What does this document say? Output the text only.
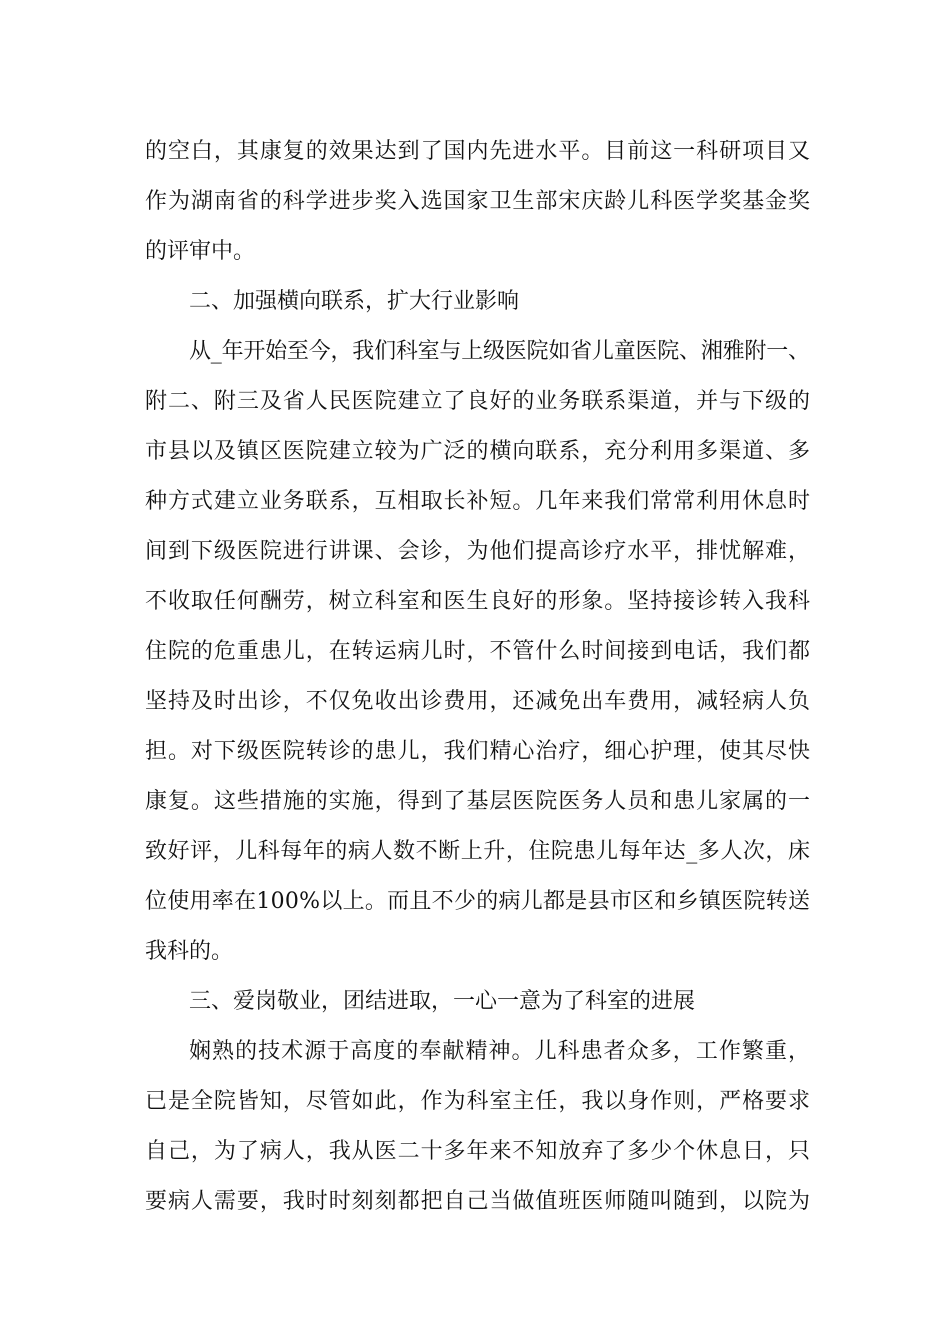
的空白，其康复的效果达到了国内先进水平。目前这一科研项目又
作为湖南省的科学进步奖入选国家卫生部宋庆龄儿科医学奖基金奖
的评审中。
二、加强横向联系，扩大行业影响
从_年开始至今，我们科室与上级医院如省儿童医院、湘雅附一、
附二、附三及省人民医院建立了良好的业务联系渠道，并与下级的
市县以及镇区医院建立较为广泛的横向联系，充分利用多渠道、多
种方式建立业务联系，互相取长补短。几年来我们常常利用休息时
间到下级医院进行讲课、会诊，为他们提高诊疗水平，排忧解难，
不收取任何酬劳，树立科室和医生良好的形象。坚持接诊转入我科
住院的危重患儿，在转运病儿时，不管什么时间接到电话，我们都
坚持及时出诊，不仅免收出诊费用，还减免出车费用，减轻病人负
担。对下级医院转诊的患儿，我们精心治疗，细心护理，使其尽快
康复。这些措施的实施，得到了基层医院医务人员和患儿家属的一
致好评，儿科每年的病人数不断上升，住院患儿每年达_多人次，床
位使用率在100%以上。而且不少的病儿都是县市区和乡镇医院转送
我科的。
三、爱岗敬业，团结进取，一心一意为了科室的进展
娴熟的技术源于高度的奉献精神。儿科患者众多，工作繁重，
已是全院皆知，尽管如此，作为科室主任，我以身作则，严格要求
自己，为了病人，我从医二十多年来不知放弃了多少个休息日，只
要病人需要，我时时刻刻都把自己当做值班医师随叫随到，以院为
